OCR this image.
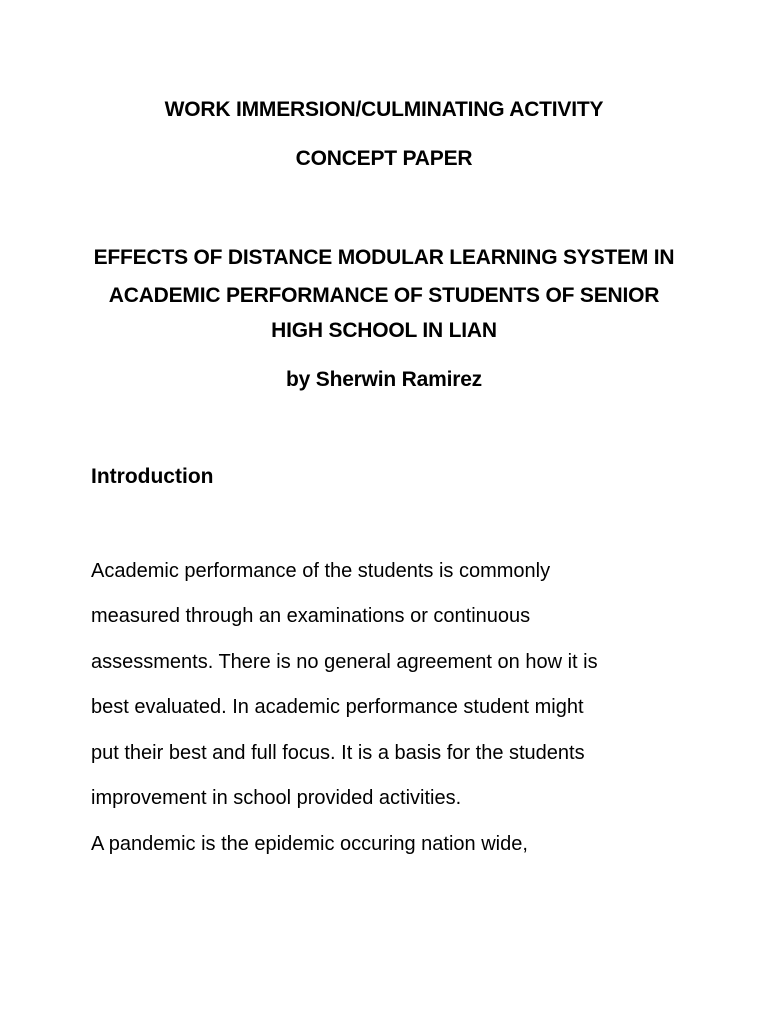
WORK IMMERSION/CULMINATING ACTIVITY
CONCEPT PAPER
EFFECTS OF DISTANCE MODULAR LEARNING SYSTEM IN
ACADEMIC PERFORMANCE OF STUDENTS OF SENIOR
HIGH SCHOOL IN LIAN
by Sherwin Ramirez
Introduction
Academic performance of the students is commonly
measured through an examinations or continuous
assessments. There is no general agreement on how it is
best evaluated. In academic performance student might
put their best and full focus. It is a basis for the students
improvement in school provided activities.
A pandemic is the epidemic occuring nation wide,
